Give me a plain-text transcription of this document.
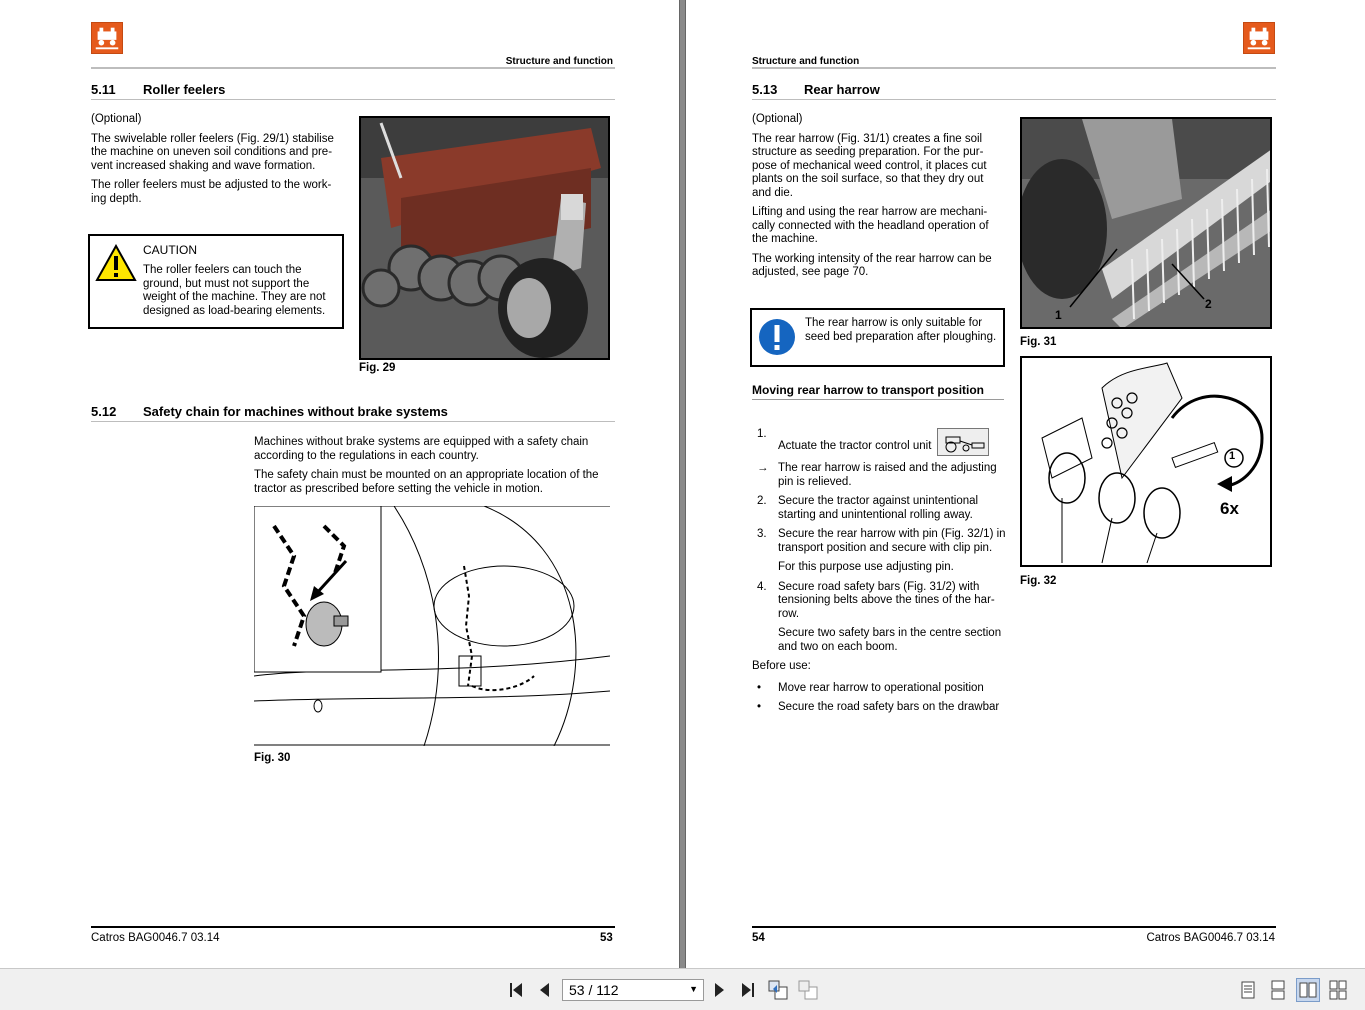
Structure and function
5.11 Roller feelers

(Optional)

The swivelable roller feelers (Fig. 29/1) stabilise the machine on uneven soil conditions and pre-vent increased shaking and wave formation.

The roller feelers must be adjusted to the work-ing depth.

CAUTION
The roller feelers can touch the ground, but must not support the weight of the machine. They are not designed as load-bearing elements.
Fig. 29
5.12 Safety chain for machines without brake systems

Machines without brake systems are equipped with a safety chain according to the regulations in each country.

The safety chain must be mounted on an appropriate location of the tractor as prescribed before setting the vehicle in motion.

Fig. 30
Catros BAG0046.7 03.14	53
Structure and function
5.13 Rear harrow

(Optional)

The rear harrow (Fig. 31/1) creates a fine soil structure as seeding preparation. For the pur-pose of mechanical weed control, it places cut plants on the soil surface, so that they dry out and die.

Lifting and using the rear harrow are mechani-cally connected with the headland operation of the machine.

The working intensity of the rear harrow can be adjusted, see page 70.

The rear harrow is only suitable for seed bed preparation after ploughing.
Moving rear harrow to transport position
1.
Actuate the tractor control unit
→ The rear harrow is raised and the adjusting pin is relieved.
2. Secure the tractor against unintentional starting and unintentional rolling away.
3. Secure the rear harrow with pin (Fig. 32/1) in transport position and secure with clip pin.
For this purpose use adjusting pin.
4. Secure road safety bars (Fig. 31/2) with tensioning belts above the tines of the har-row.
Secure two safety bars in the centre section and two on each boom.
Before use:
• Move rear harrow to operational position
• Secure the road safety bars on the drawbar
1
2
Fig. 31
1
6x
Fig. 32
54	Catros BAG0046.7 03.14
53 / 112	▼
